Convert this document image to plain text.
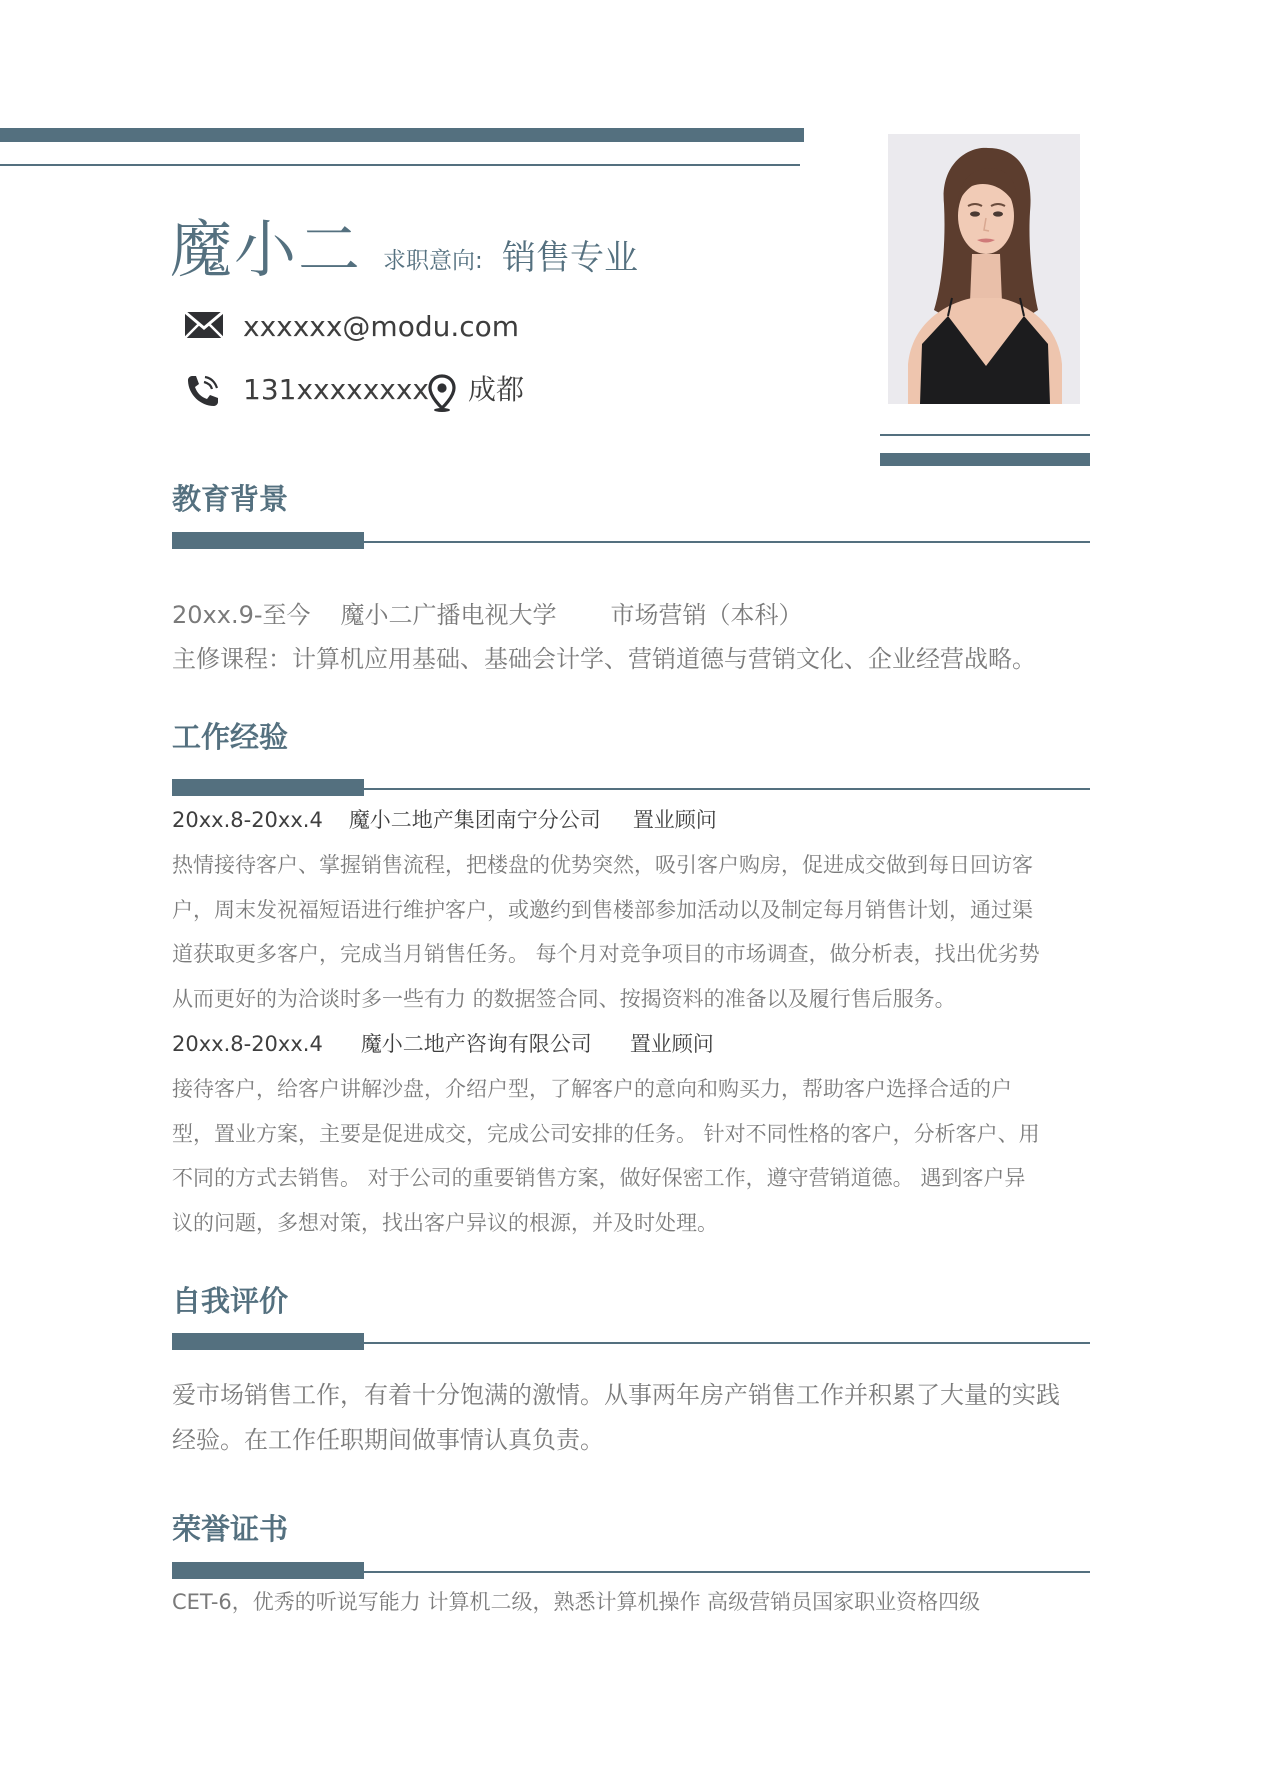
魔小二 求职意向: 销售专业
xxxxxx@modu.com
131xxxxxxxx 成都
教育背景
20xx.9-至今 魔小二广播电视大学 市场营销（本科）
主修课程：计算机应用基础、基础会计学、营销道德与营销文化、企业经营战略。
工作经验
20xx.8-20xx.4 魔小二地产集团南宁分公司 置业顾问
热情接待客户、掌握销售流程，把楼盘的优势突然，吸引客户购房，促进成交做到每日回访客
户，周末发祝福短语进行维护客户，或邀约到售楼部参加活动以及制定每月销售计划，通过渠
道获取更多客户，完成当月销售任务。 每个月对竞争项目的市场调查，做分析表，找出优劣势
从而更好的为洽谈时多一些有力 的数据签合同、按揭资料的准备以及履行售后服务。
20xx.8-20xx.4 魔小二地产咨询有限公司 置业顾问
接待客户，给客户讲解沙盘，介绍户型，了解客户的意向和购买力，帮助客户选择合适的户
型，置业方案，主要是促进成交，完成公司安排的任务。 针对不同性格的客户，分析客户、用
不同的方式去销售。 对于公司的重要销售方案，做好保密工作，遵守营销道德。 遇到客户异
议的问题，多想对策，找出客户异议的根源，并及时处理。
自我评价
爱市场销售工作，有着十分饱满的激情。从事两年房产销售工作并积累了大量的实践
经验。在工作任职期间做事情认真负责。
荣誉证书
CET-6，优秀的听说写能力 计算机二级，熟悉计算机操作 高级营销员国家职业资格四级
